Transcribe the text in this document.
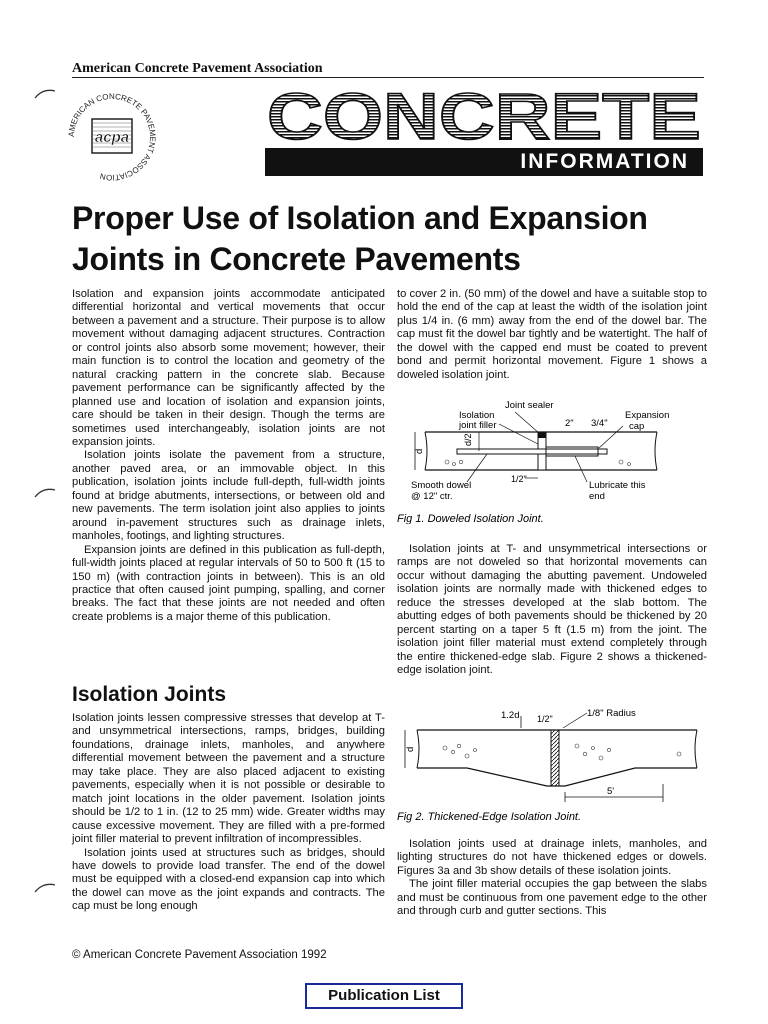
American Concrete Pavement Association
AMERICAN CONCRETE PAVEMENT ASSOCIATION
acpa CONCRETE
INFORMATION
Proper Use of Isolation and Expansion Joints in Concrete Pavements

Isolation and expansion joints accommodate anticipated differential horizontal and vertical movements that occur between a pavement and a structure. Their purpose is to allow movement without damaging adjacent structures. Contraction or control joints also absorb some movement; however, their main function is to control the location and geometry of the natural cracking pattern in the concrete slab. Because pavement performance can be significantly affected by the planned use and location of isolation and expansion joints, care should be taken in their design. Though the terms are sometimes used interchangeably, isolation joints are not expansion joints.

Isolation joints isolate the pavement from a structure, another paved area, or an immovable object. In this publication, isolation joints include full-depth, full-width joints found at bridge abutments, intersections, or between old and new pavements. The term isolation joint also applies to joints around in-pavement structures such as drainage inlets, manholes, footings, and lighting structures.

Expansion joints are defined in this publication as full-depth, full-width joints placed at regular intervals of 50 to 500 ft (15 to 150 m) (with contraction joints in between). This is an old practice that often caused joint pumping, spalling, and corner breaks. The fact that these joints are not needed and often create problems is a major theme of this publication.

Isolation Joints

Isolation joints lessen compressive stresses that develop at T- and unsymmetrical intersections, ramps, bridges, building foundations, drainage inlets, manholes, and anywhere differential movement between the pavement and a structure may take place. They are also placed adjacent to existing pavements, especially when it is not possible or desirable to match joint locations in the older pavement. Isolation joints should be 1/2 to 1 in. (12 to 25 mm) wide. Greater widths may cause excessive movement. They are filled with a pre-formed joint filler material to prevent infiltration of incompressibles.

Isolation joints used at structures such as bridges, should have dowels to provide load transfer. The end of the dowel must be equipped with a closed-end expansion cap into which the dowel can move as the joint expands and contracts. The cap must be long enough

to cover 2 in. (50 mm) of the dowel and have a suitable stop to hold the end of the cap at least the width of the isolation joint plus 1/4 in. (6 mm) away from the end of the dowel bar. The cap must fit the dowel bar tightly and be watertight. The half of the dowel with the capped end must be coated to prevent bond and permit horizontal movement. Figure 1 shows a doweled isolation joint.

Joint sealer
Isolation
joint filler	2" 3/4"
Expansion
cap
d
d/2
1/2"
Smooth dowel
@ 12" ctr.
Lubricate this
end
Fig 1. Doweled Isolation Joint.

Isolation joints at T- and unsymmetrical intersections or ramps are not doweled so that horizontal movements can occur without damaging the abutting pavement. Undoweled isolation joints are normally made with thickened edges to reduce the stresses developed at the slab bottom. The abutting edges of both pavements should be thickened by 20 percent starting on a taper 5 ft (1.5 m) from the joint. The isolation joint filler material must extend completely through the entire thickened-edge slab. Figure 2 shows a thickened-edge isolation joint.

1.2d 1/2"	1/8" Radius
d
5'
Fig 2. Thickened-Edge Isolation Joint.

Isolation joints used at drainage inlets, manholes, and lighting structures do not have thickened edges or dowels. Figures 3a and 3b show details of these isolation joints.

The joint filler material occupies the gap between the slabs and must be continuous from one pavement edge to the other and through curb and gutter sections. This

© American Concrete Pavement Association 1992
Publication List
